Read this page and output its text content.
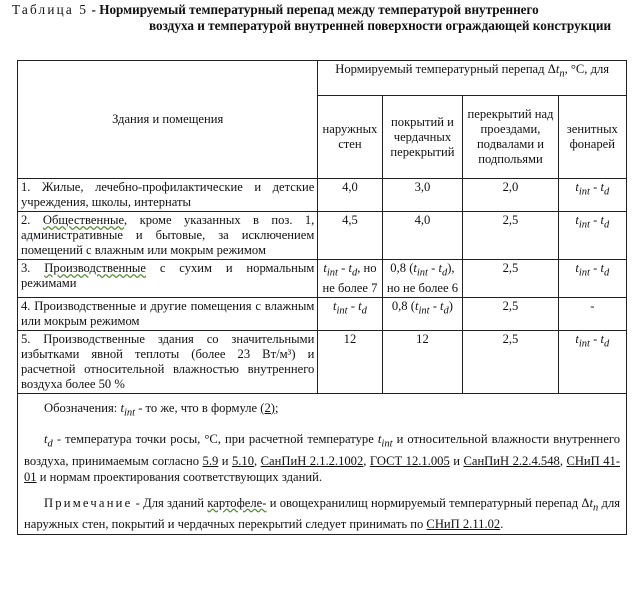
Таблица 5 - Нормируемый температурный перепад между температурой внутреннего
воздуха и температурой внутренней поверхности ограждающей конструкции
Здания и помещения	Нормируемый температурный перепад $\Delta t_n$, °С, для			
	наружных стен	покрытий и чердачных перекрытий	перекрытий над проездами, подвалами и подпольями	зенитных фонарей
1. Жилые, лечебно-профилактические и детские учреждения, школы, интернаты	4,0	3,0	2,0	$t_{int} - t_d$
2. Общественные, кроме указанных в поз. 1, административные и бытовые, за исключением помещений с влажным или мокрым режимом	4,5	4,0	2,5	$t_{int} - t_d$
3. Производственные с сухим и нормальным режимами	$t_{int} - t_d$, но не более 7	0,8 $(t_{int} - t_d)$, но не более 6	2,5	$t_{int} - t_d$
4. Производственные и другие помещения с влажным или мокрым режимом	$t_{int} - t_d$	0,8 $(t_{int} - t_d)$	2,5	-
5. Производственные здания со значительными избытками явной теплоты (более 23 Вт/м³) и расчетной относительной влажностью внутреннего воздуха более 50 %	12	12	2,5	$t_{int} - t_d$

Обозначения: $t_{int}$ - то же, что в формуле (2);

$t_d$ - температура точки росы, °С, при расчетной температуре $t_{int}$ и относительной влажности внутреннего воздуха, принимаемым согласно 5.9 и 5.10, СанПиН 2.1.2.1002, ГОСТ 12.1.005 и СанПиН 2.2.4.548, СНиП 41-01 и нормам проектирования соответствующих зданий.

Примечание - Для зданий картофеле- и овощехранилищ нормируемый температурный перепад $\Delta t_n$ для наружных стен, покрытий и чердачных перекрытий следует принимать по СНиП 2.11.02.				
